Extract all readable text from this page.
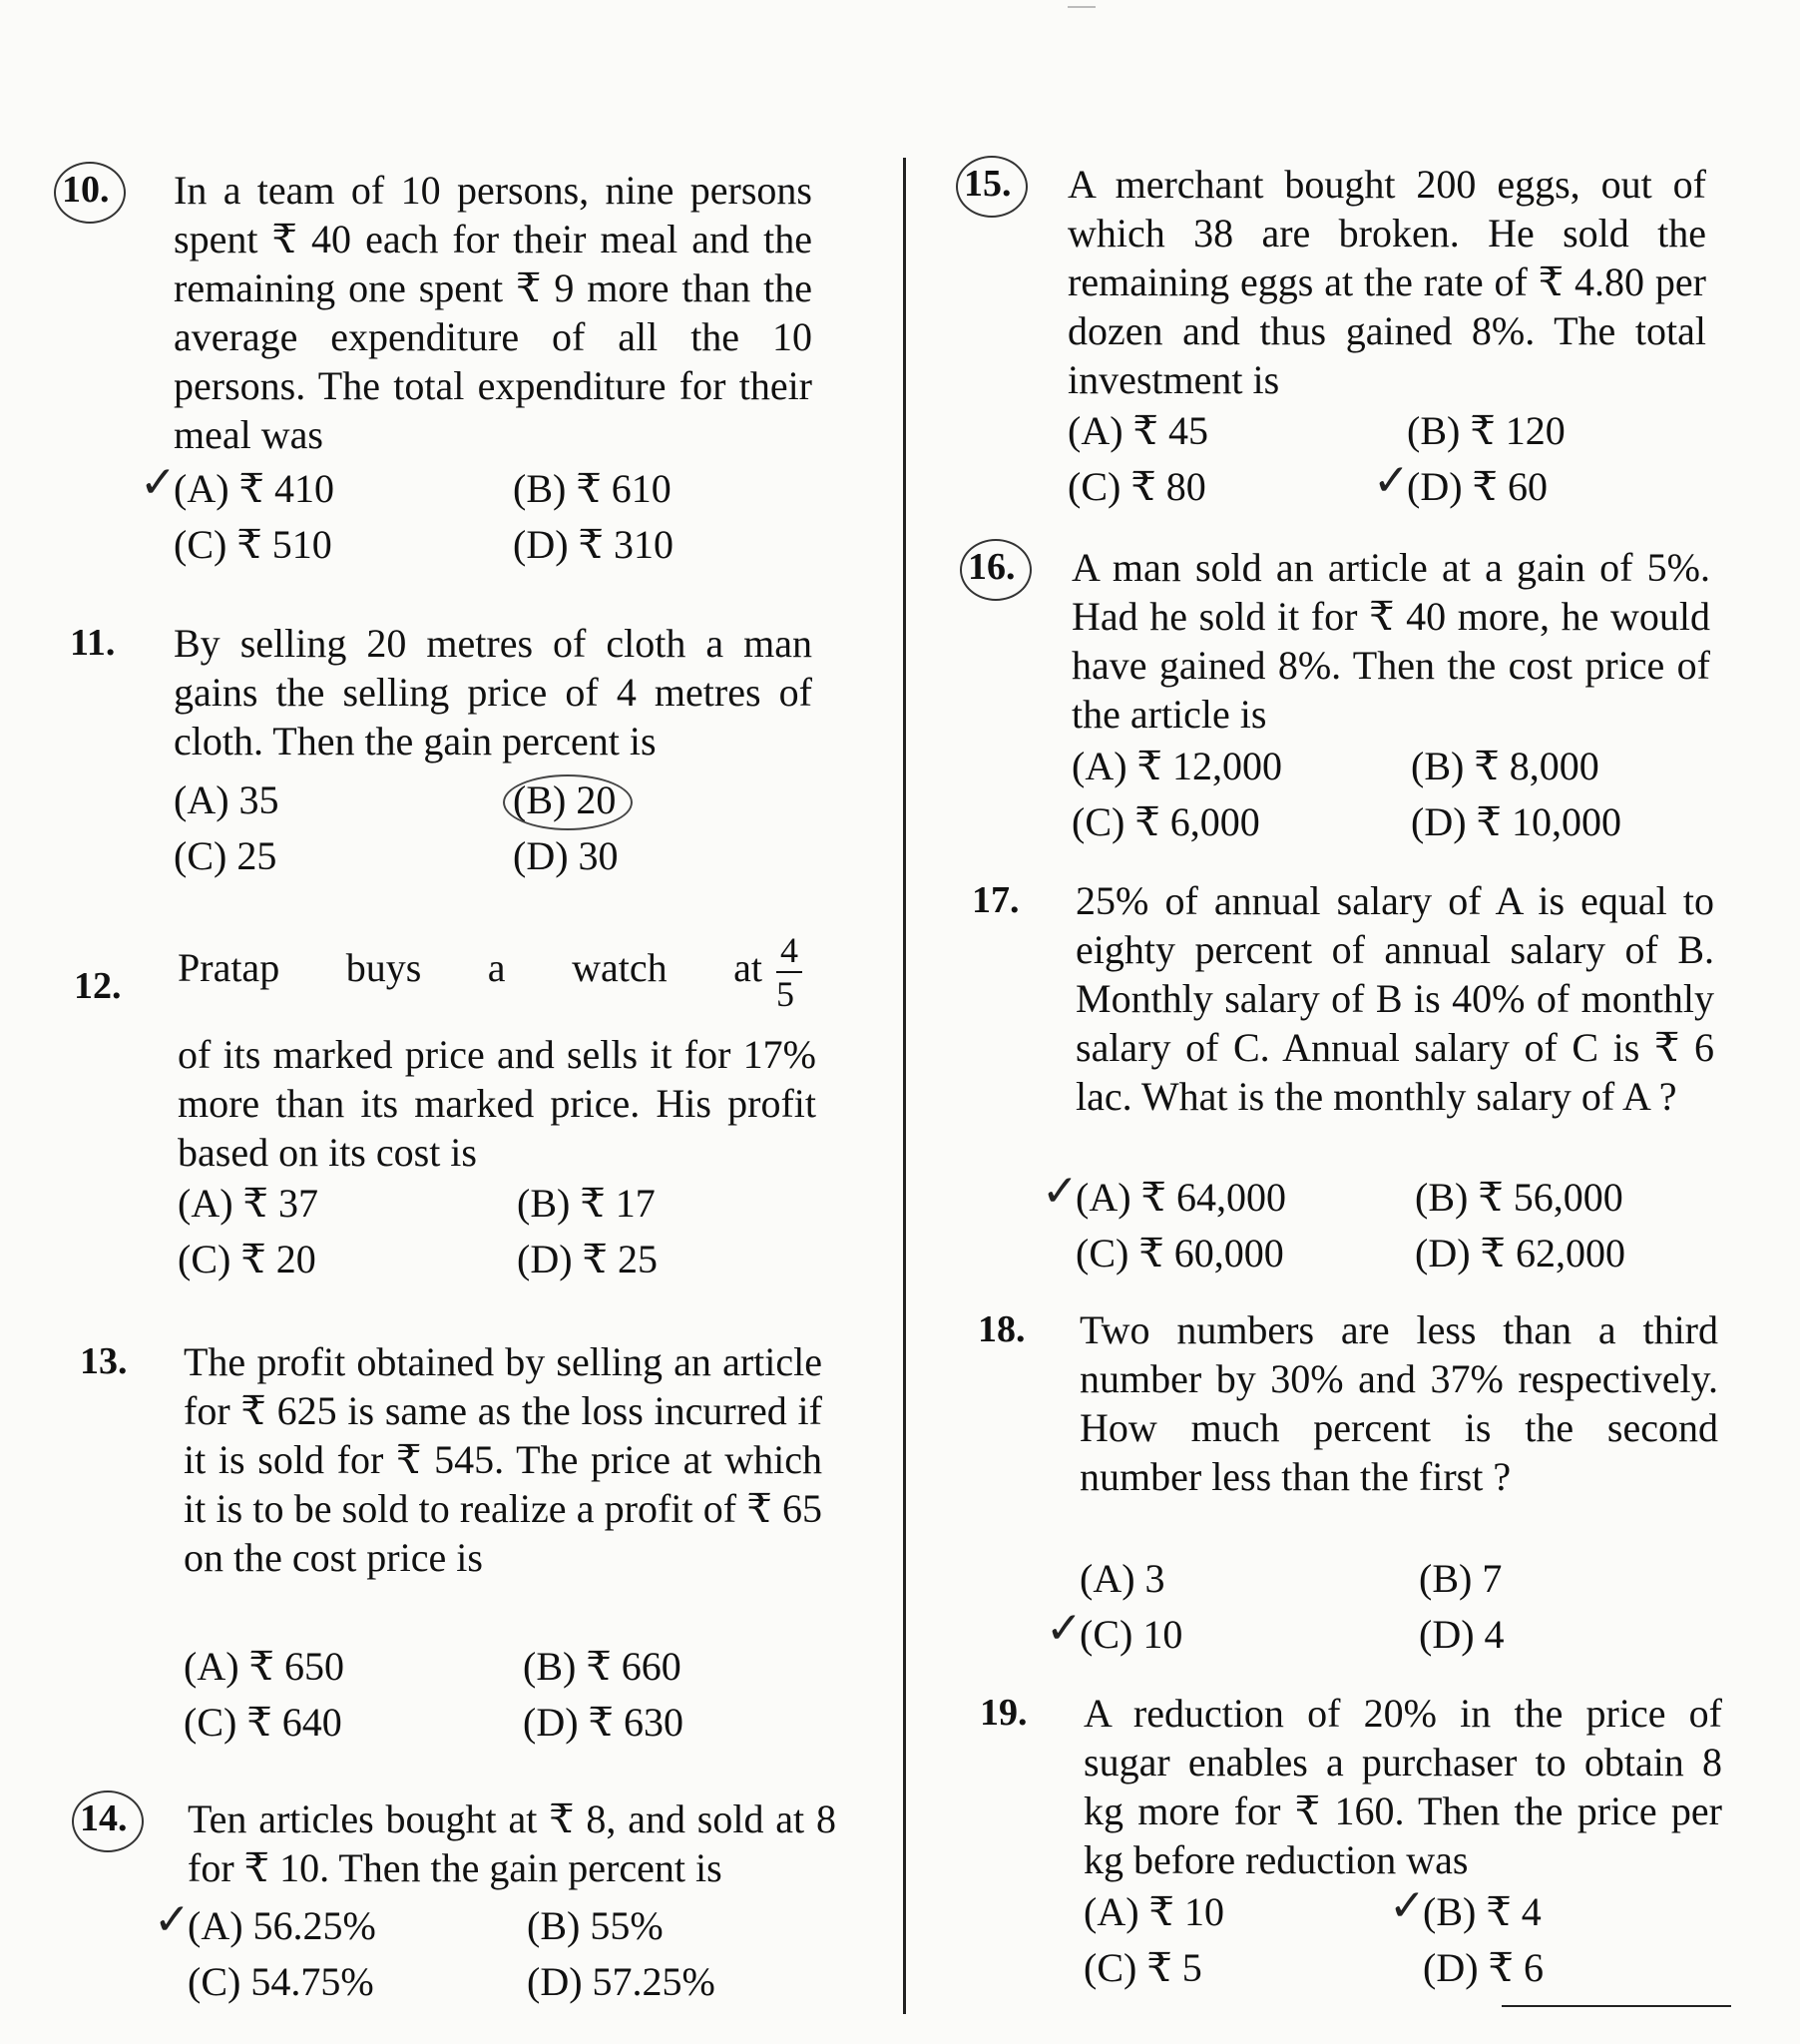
10.	In a team of 10 persons, nine persons spent ₹ 40 each for their meal and the remaining one spent ₹ 9 more than the average expenditure of all the 10 persons. The total expenditure for their meal was
✓ (A) ₹ 410	(B) ₹ 610
(C) ₹ 510	(D) ₹ 310
11.	By selling 20 metres of cloth a man gains the selling price of 4 metres of cloth. Then the gain percent is
(A) 35	(B) 20
(C) 25	(D) 30
12.	Pratap buys a watch at $\frac{4}{5}$
of its marked price and sells it for 17% more than its marked price. His profit based on its cost is
(A) ₹ 37	(B) ₹ 17
(C) ₹ 20	(D) ₹ 25
13.	The profit obtained by selling an article for ₹ 625 is same as the loss incurred if it is sold for ₹ 545. The price at which it is to be sold to realize a profit of ₹ 65 on the cost price is
(A) ₹ 650	(B) ₹ 660
(C) ₹ 640	(D) ₹ 630
14.	Ten articles bought at ₹ 8, and sold at 8 for ₹ 10. Then the gain percent is
✓ (A) 56.25%	(B) 55%
(C) 54.75%	(D) 57.25%
15.	A merchant bought 200 eggs, out of which 38 are broken. He sold the remaining eggs at the rate of ₹ 4.80 per dozen and thus gained 8%. The total investment is
(A) ₹ 45	(B) ₹ 120
(C) ₹ 80	✓ (D) ₹ 60
16.	A man sold an article at a gain of 5%. Had he sold it for ₹ 40 more, he would have gained 8%. Then the cost price of the article is
(A) ₹ 12,000	(B) ₹ 8,000
(C) ₹ 6,000	(D) ₹ 10,000
17.	25% of annual salary of A is equal to eighty percent of annual salary of B. Monthly salary of B is 40% of monthly salary of C. Annual salary of C is ₹ 6 lac. What is the monthly salary of A ?
✓ (A) ₹ 64,000	(B) ₹ 56,000
(C) ₹ 60,000	(D) ₹ 62,000
18.	Two numbers are less than a third number by 30% and 37% respectively. How much percent is the second number less than the first ?
(A) 3	(B) 7
✓ (C) 10	(D) 4
19.	A reduction of 20% in the price of sugar enables a purchaser to obtain 8 kg more for ₹ 160. Then the price per kg before reduction was
(A) ₹ 10	✓ (B) ₹ 4
(C) ₹ 5	(D) ₹ 6
